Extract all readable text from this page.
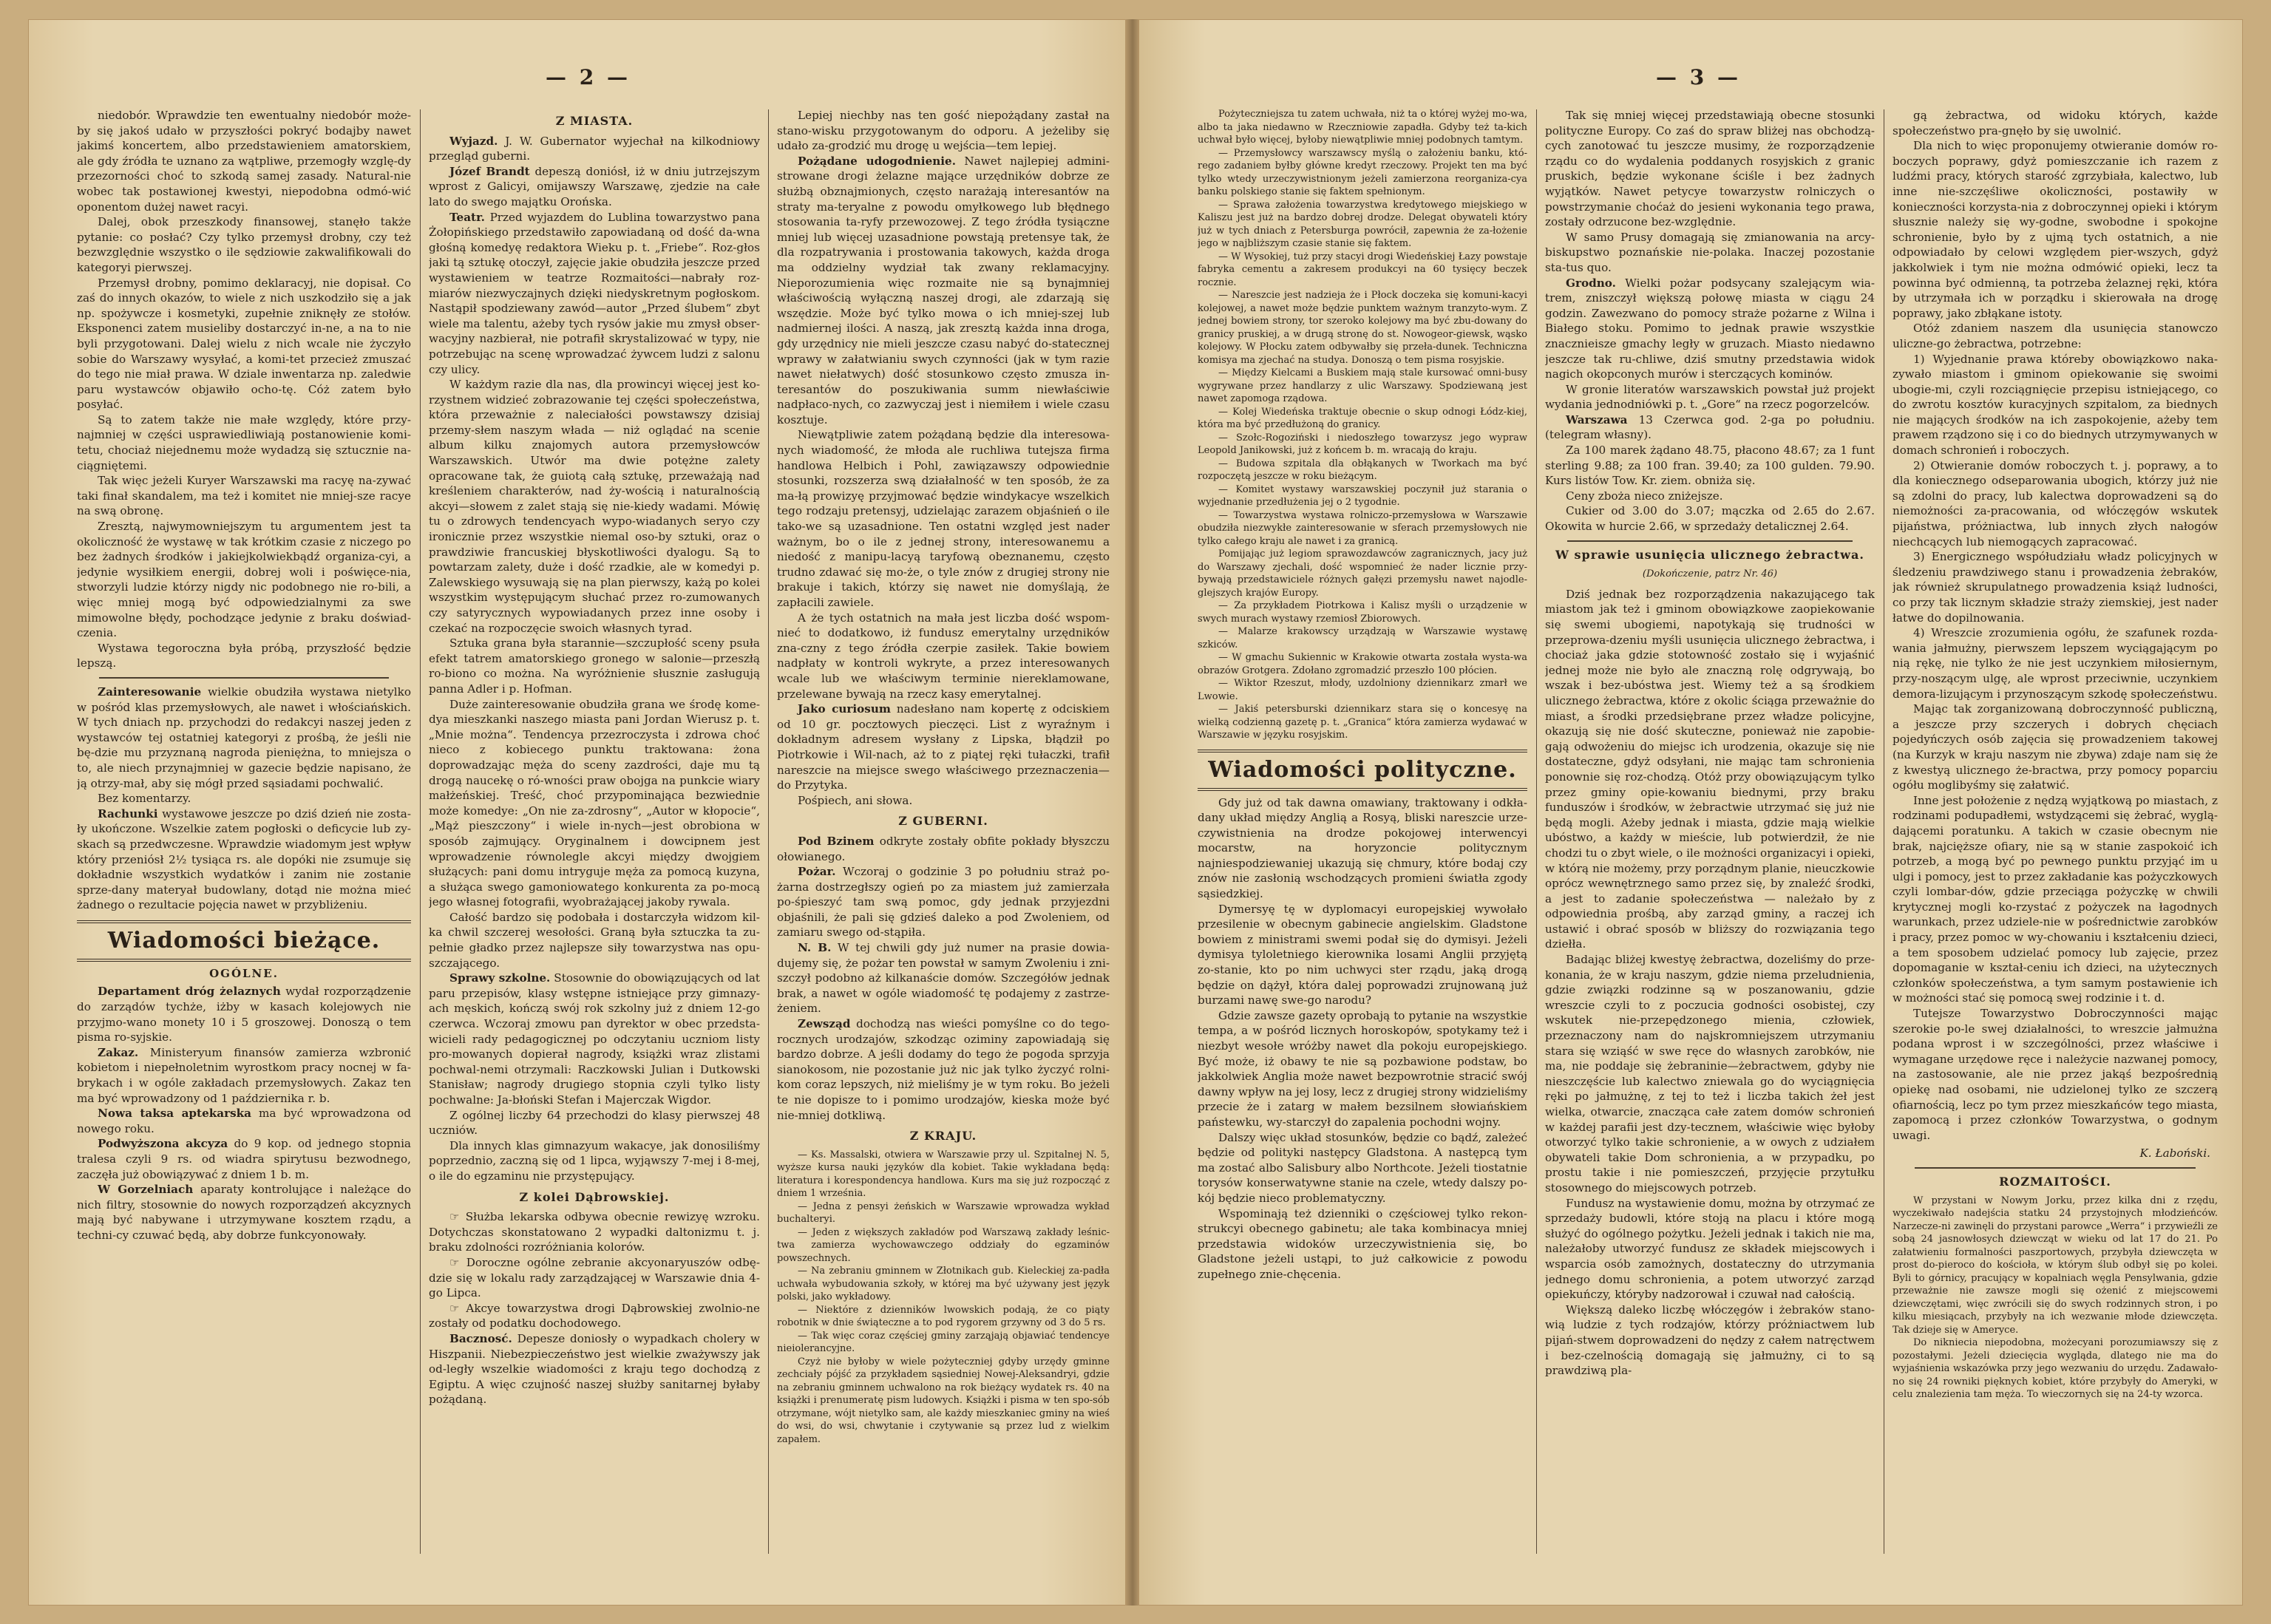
— 2 —

niedobór. Wprawdzie ten ewentualny niedobór może-by się jakoś udało w przyszłości pokryć bodajby nawet jakimś koncertem, albo przedstawieniem amatorskiem, ale gdy źródła te uznano za wątpliwe, przemogły wzglę-dy przezorności choć to szkodą samej zasady. Natural-nie wobec tak postawionej kwestyi, niepodobna odmó-wić oponentom dużej nawet racyi.

Dalej, obok przeszkody finansowej, stanęło także pytanie: co posłać? Czy tylko przemysł drobny, czy też bezwzględnie wszystko o ile sędziowie zakwalifikowali do kategoryi pierwszej.

Przemysł drobny, pomimo deklaracyj, nie dopisał. Co zaś do innych okazów, to wiele z nich uszkodziło się a jak np. spożywcze i kosmetyki, zupełnie zniknęły ze stołów. Eksponenci zatem musieliby dostarczyć in-ne, a na to nie byli przygotowani. Dalej wielu z nich wcale nie życzyło sobie do Warszawy wysyłać, a komi-tet przecież zmuszać do tego nie miał prawa. W dziale inwentarza np. zaledwie paru wystawców objawiło ocho-tę. Cóż zatem było posyłać.

Są to zatem także nie małe względy, które przy-najmniej w części usprawiedliwiają postanowienie komi-tetu, chociaż niejednemu może wydadzą się sztucznie na-ciągniętemi.

Tak więc jeżeli Kuryer Warszawski ma racyę na-zywać taki finał skandalem, ma też i komitet nie mniej-sze racye na swą obronę.

Zresztą, najwymowniejszym tu argumentem jest ta okoliczność że wystawę w tak krótkim czasie z niczego po bez żadnych środków i jakiejkolwiekbądź organiza-cyi, a jedynie wysiłkiem energii, dobrej woli i poświęce-nia, stworzyli ludzie którzy nigdy nic podobnego nie ro-bili, a więc mniej mogą być odpowiedzialnymi za swe mimowolne błędy, pochodzące jedynie z braku doświad-czenia.

Wystawa tegoroczna była próbą, przyszłość będzie lepszą.

Zainteresowanie wielkie obudziła wystawa nietylko w pośród klas przemysłowych, ale nawet i włościańskich. W tych dniach np. przychodzi do redakcyi naszej jeden z wystawców tej ostatniej kategoryi z prośbą, że jeśli nie bę-dzie mu przyznaną nagroda pieniężna, to mniejsza o to, ale niech przynajmniej w gazecie będzie napisano, że ją otrzy-mał, aby się mógł przed sąsiadami pochwalić.

Bez komentarzy.

Rachunki wystawowe jeszcze po dziś dzień nie zosta-ły ukończone. Wszelkie zatem pogłoski o deficycie lub zy-skach są przedwczesne. Wprawdzie wiadomym jest wpływ który przeniósł 2½ tysiąca rs. ale dopóki nie zsumuje się dokładnie wszystkich wydatków i zanim nie zostanie sprze-dany materyał budowlany, dotąd nie można mieć żadnego o rezultacie pojęcia nawet w przybliżeniu.

Wiadomości bieżące.
OGÓLNE.

Departament dróg żelaznych wydał rozporządzenie do zarządów tychże, iżby w kasach kolejowych nie przyjmo-wano monety 10 i 5 groszowej. Donoszą o tem pisma ro-syjskie.

Zakaz. Ministeryum finansów zamierza wzbronić kobietom i niepełnoletnim wyrostkom pracy nocnej w fa-brykach i w ogóle zakładach przemysłowych. Zakaz ten ma być wprowadzony od 1 października r. b.

Nowa taksa aptekarska ma być wprowadzona od nowego roku.

Podwyższona akcyza do 9 kop. od jednego stopnia tralesa czyli 9 rs. od wiadra spirytusu bezwodnego, zaczęła już obowiązywać z dniem 1 b. m.

W Gorzelniach aparaty kontrolujące i należące do nich filtry, stosownie do nowych rozporządzeń akcyznych mają być nabywane i utrzymywane kosztem rządu, a techni-cy czuwać będą, aby dobrze funkcyonowały.

Z MIASTA.

Wyjazd. J. W. Gubernator wyjechał na kilkodniowy przegląd guberni.

Józef Brandt depeszą doniósł, iż w dniu jutrzejszym wprost z Galicyi, omijawszy Warszawę, zjedzie na całe lato do swego majątku Orońska.

Teatr. Przed wyjazdem do Lublina towarzystwo pana Żołopińskiego przedstawiło zapowiadaną od dość da-wna głośną komedyę redaktora Wieku p. t. „Friebe“. Roz-głos jaki tą sztukę otoczył, zajęcie jakie obudziła jeszcze przed wystawieniem w teatrze Rozmaitości—nabrały roz-miarów niezwyczajnych dzięki niedyskretnym pogłoskom. Nastąpił spodziewany zawód—autor „Przed ślubem“ zbyt wiele ma talentu, ażeby tych rysów jakie mu zmysł obser-wacyjny nazbierał, nie potrafił skrystalizować w typy, nie potrzebując na scenę wprowadzać żywcem ludzi z salonu czy ulicy.

W każdym razie dla nas, dla prowincyi więcej jest ko-rzystnem widzieć zobrazowanie tej części społeczeństwa, która przeważnie z naleciałości powstawszy dzisiaj przemy-słem naszym włada — niż oglądać na scenie album kilku znajomych autora przemysłowców Warszawskich. Utwór ma dwie potężne zalety opracowane tak, że guiotą całą sztukę, przeważają nad kreśleniem charakterów, nad ży-wością i naturalnością akcyi—słowem z zalet stają się nie-kiedy wadami. Mówię tu o zdrowych tendencyach wypo-wiadanych seryo czy ironicznie przez wszystkie niemal oso-by sztuki, oraz o prawdziwie francuskiej błyskotliwości dyalogu. Są to powtarzam zalety, duże i dość rzadkie, ale w komedyi p. Zalewskiego wysuwają się na plan pierwszy, każą po kolei wszystkim występującym słuchać przez ro-zumowanych czy satyrycznych wypowiadanych przez inne osoby i czekać na rozpoczęcie swoich własnych tyrad.

Sztuka grana była starannie—szczupłość sceny psuła efekt tatrem amatorskiego gronego w salonie—przeszłą ro-biono co można. Na wyróżnienie słusznie zasługują panna Adler i p. Hofman.

Duże zainteresowanie obudziła grana we środę kome-dya mieszkanki naszego miasta pani Jordan Wierusz p. t. „Mnie można“. Tendencya przezroczysta i zdrowa choć nieco z kobiecego punktu traktowana: żona doprowadzając męża do sceny zazdrości, daje mu tą drogą naucekę o ró-wności praw obojga na punkcie wiary małżeńskiej. Treść, choć przypominająca bezwiednie może komedye: „On nie za-zdrosny“, „Autor w kłopocie“, „Mąż pieszczony“ i wiele in-nych—jest obrobiona w sposób zajmujący. Oryginalnem i dowcipnem jest wprowadzenie równolegle akcyi między dwojgiem służących: pani domu intryguje męża za pomocą kuzyna, a służąca swego gamoniowatego konkurenta za po-mocą jego własnej fotografii, wyobrażającej jakoby rywala.

Całość bardzo się podobała i dostarczyła widzom kil-ka chwil szczerej wesołości. Graną była sztuczka ta zu-pełnie gładko przez najlepsze siły towarzystwa nas opu-szczającego.

Sprawy szkolne. Stosownie do obowiązujących od lat paru przepisów, klasy wstępne istniejące przy gimnazy-ach męskich, kończą swój rok szkolny już z dniem 12-go czerwca. Wczoraj zmowu pan dyrektor w obec przedsta-wicieli rady pedagogicznej po odczytaniu uczniom listy pro-mowanych dopierał nagrody, książki wraz zlistami pochwal-nemi otrzymali: Raczkowski Julian i Dutkowski Stanisław; nagrody drugiego stopnia czyli tylko listy pochwalne: Ja-błoński Stefan i Majerczak Wigdor.

Z ogólnej liczby 64 przechodzi do klasy pierwszej 48 uczniów.

Dla innych klas gimnazyum wakacye, jak donosiliśmy poprzednio, zaczną się od 1 lipca, wyjąwszy 7-mej i 8-mej, o ile do egzaminu nie przystępujący.

Z kolei Dąbrowskiej.

☞ Służba lekarska odbywa obecnie rewizyę wzroku. Dotychczas skonstatowano 2 wypadki daltonizmu t. j. braku zdolności rozróżniania kolorów.

☞ Doroczne ogólne zebranie akcyonaryuszów odbę-dzie się w lokalu rady zarządzającej w Warszawie dnia 4-go Lipca.

☞ Akcye towarzystwa drogi Dąbrowskiej zwolnio-ne zostały od podatku dochodowego.

Bacznosć. Depesze doniosły o wypadkach cholery w Hiszpanii. Niebezpieczeństwo jest wielkie zważywszy jak od-legły wszelkie wiadomości z kraju tego dochodzą z Egiptu. A więc czujność naszej służby sanitarnej byłaby pożądaną.

Lepiej niechby nas ten gość niepożądany zastał na stano-wisku przygotowanym do odporu. A jeżeliby się udało za-grodzić mu drogę u wejścia—tem lepiej.

Pożądane udogodnienie. Nawet najlepiej admini-strowane drogi żelazne mające urzędników dobrze ze służbą obznajmionych, często narażają interesantów na straty ma-teryalne z powodu omyłkowego lub błędnego stosowania ta-ryfy przewozowej. Z tego źródła tysiączne mniej lub więcej uzasadnione powstają pretensye tak, że dla rozpatrywania i prostowania takowych, każda droga ma oddzielny wydział tak zwany reklamacyjny. Nieporozumienia więc rozmaite nie są bynajmniej właściwością wyłączną naszej drogi, ale zdarzają się wszędzie. Może być tylko mowa o ich mniej-szej lub nadmiernej ilości. A naszą, jak zresztą każda inna droga, gdy urzędnicy nie mieli jeszcze czasu nabyć do-statecznej wprawy w załatwianiu swych czynności (jak w tym razie nawet niełatwych) dość stosunkowo często zmusza in-teresantów do poszukiwania summ niewłaściwie nadpłaco-nych, co zazwyczaj jest i niemiłem i wiele czasu kosztuje.

Niewątpliwie zatem pożądaną będzie dla interesowa-nych wiadomość, że młoda ale ruchliwa tutejsza firma handlowa Helbich i Pohl, zawiązawszy odpowiednie stosunki, rozszerza swą działalność w ten sposób, że za ma-łą prowizyę przyjmować będzie windykacye wszelkich tego rodzaju pretensyj, udzielając zarazem objaśnień o ile tako-we są uzasadnione. Ten ostatni względ jest nader ważnym, bo o ile z jednej strony, interesowanemu a niedość z manipu-lacyą taryfową obeznanemu, często trudno zdawać się mo-że, o tyle znów z drugiej strony nie brakuje i takich, którzy się nawet nie domyślają, że zapłacili zawiele.

A że tych ostatnich na mała jest liczba dość wspom-nieć to dodatkowo, iż fundusz emerytalny urzędników zna-czny z tego źródła czerpie zasiłek. Takie bowiem nadpłaty w kontroli wykryte, a przez interesowanych wcale lub we właściwym terminie niereklamowane, przelewane bywają na rzecz kasy emerytalnej.

Jako curiosum nadesłano nam kopertę z odciskiem od 10 gr. pocztowych pieczęci. List z wyraźnym i dokładnym adresem wysłany z Lipska, błądził po Piotrkowie i Wil-nach, aż to z piątej ręki tułaczki, trafił nareszcie na miejsce swego właściwego przeznaczenia—do Przytyka.

Pośpiech, ani słowa.

Z GUBERNI.

Pod Bzinem odkryte zostały obfite pokłady błyszczu ołowianego.

Pożar. Wczoraj o godzinie 3 po południu straż po-żarna dostrzegłszy ogień po za miastem już zamierzała po-śpieszyć tam swą pomoc, gdy jednak przyjezdni objaśnili, że pali się gdzieś daleko a pod Zwoleniem, od zamiaru swego od-stąpiła.

N. B. W tej chwili gdy już numer na prasie dowia-dujemy się, że pożar ten powstał w samym Zwoleniu i zni-szczył podobno aż kilkanaście domów. Szczegółów jednak brak, a nawet w ogóle wiadomość tę podajemy z zastrze-żeniem.

Zewsząd dochodzą nas wieści pomyślne co do tego-rocznych urodzajów, szkodząc oziminy zapowiadają się bardzo dobrze. A jeśli dodamy do tego że pogoda sprzyja sianokosom, nie pozostanie już nic jak tylko życzyć rolni-kom coraz lepszych, niż mieliśmy je w tym roku. Bo jeżeli te nie dopisze to i pomimo urodzajów, kieska może być nie-mniej dotkliwą.

Z KRAJU.

— Ks. Massalski, otwiera w Warszawie przy ul. Szpitalnej N. 5, wyższe kursa nauki języków dla kobiet. Takie wykładana będą: literatura i korespondencya handlowa. Kurs ma się już rozpocząć z dniem 1 września.

— Jedna z pensyi żeńskich w Warszawie wprowadza wykład buchalteryi.

— Jeden z większych zakładów pod Warszawą zakłady leśnic-twa zamierza wychowawczego oddziały do egzaminów powszechnych.

— Na zebraniu gminnem w Złotnikach gub. Kieleckiej za-padła uchwała wybudowania szkoły, w której ma być używany jest język polski, jako wykładowy.

— Niektóre z dzienników lwowskich podają, że co piąty robotnik w dnie świąteczne a to pod rygorem grzywny od 3 do 5 rs.

— Tak więc coraz częściej gminy zarząjają objawiać tendencye nieiolerancyjne.

Czyż nie byłoby w wiele pożyteczniej gdyby urzędy gminne zechciały pójść za przykładem sąsiedniej Nowej-Aleksandryi, gdzie na zebraniu gminnem uchwalono na rok bieżący wydatek rs. 40 na książki i prenumeratę pism ludowych. Książki i pisma w ten spo-sób otrzymane, wójt nietylko sam, ale każdy mieszkaniec gminy na wieś do wsi, do wsi, chwytanie i czytywanie są przez lud z wielkim zapałem.

— 3 —

Pożyteczniejsza tu zatem uchwała, niż ta o której wyżej mo-wa, albo ta jaka niedawno w Rzeczniowie zapadła. Gdyby też ta-kich uchwał było więcej, byłoby niewątpliwie mniej podobnych tamtym.

— Przemysłowcy warszawscy myślą o założeniu banku, któ-rego zadaniem byłby główne kredyt rzeczowy. Projekt ten ma być tylko wtedy urzeczywistnionym jeżeli zamierzona reorganiza-cya banku polskiego stanie się faktem spełnionym.

— Sprawa założenia towarzystwa kredytowego miejskiego w Kaliszu jest już na bardzo dobrej drodze. Delegat obywateli który już w tych dniach z Petersburga powrócił, zapewnia że za-łożenie jego w najbliższym czasie stanie się faktem.

— W Wysokiej, tuż przy stacyi drogi Wiedeńskiej Łazy powstaje fabryka cementu a zakresem produkcyi na 60 tysięcy beczek rocznie.

— Nareszcie jest nadzieja że i Płock doczeka się komuni-kacyi kolejowej, a nawet może będzie punktem ważnym tranzyto-wym. Z jednej bowiem strony, tor szeroko kolejowy ma być zbu-dowany do granicy pruskiej, a w drugą stronę do st. Nowogeor-giewsk, wąsko kolejowy. W Płocku zatem odbywałby się przeła-dunek. Techniczna komisya ma zjechać na studya. Donoszą o tem pisma rosyjskie.

— Między Kielcami a Buskiem mają stale kursować omni-busy wygrywane przez handlarzy z ulic Warszawy. Spodziewaną jest nawet zapomoga rządowa.

— Kolej Wiedeńska traktuje obecnie o skup odnogi Łódz-kiej, która ma być przedłużoną do granicy.

— Szołc-Rogoziński i niedoszłego towarzysz jego wypraw Leopold Janikowski, już z końcem b. m. wracają do kraju.

— Budowa szpitala dla obłąkanych w Tworkach ma być rozpoczętą jeszcze w roku bieżącym.

— Komitet wystawy warszawskiej poczynił już starania o wyjednanie przedłużenia jej o 2 tygodnie.

— Towarzystwa wystawa rolniczo-przemysłowa w Warszawie obudziła niezwykłe zainteresowanie w sferach przemysłowych nie tylko całego kraju ale nawet i za granicą.

Pomijając już legiom sprawozdawców zagranicznych, jacy już do Warszawy zjechali, dość wspomnieć że nader licznie przy-bywają przedstawiciele różnych gałęzi przemysłu nawet najodle-glejszych krajów Europy.

— Za przykładem Piotrkowa i Kalisz myśli o urządzenie w swych murach wystawy rzemiosł Zbiorowych.

— Malarze krakowscy urządzają w Warszawie wystawę szkiców.

— W gmachu Sukiennic w Krakowie otwarta została wysta-wa obrazów Grotgera. Zdołano zgromadzić przeszło 100 płócien.

— Wiktor Rzeszut, młody, uzdolniony dziennikarz zmarł we Lwowie.

— Jakiś petersburski dziennikarz stara się o koncesyę na wielką codzienną gazetę p. t. „Granica“ która zamierza wydawać w Warszawie w języku rosyjskim.

Wiadomości polityczne.

Gdy już od tak dawna omawiany, traktowany i odkła-dany układ między Anglią a Rosyą, bliski nareszcie urze-czywistnienia na drodze pokojowej interwencyi mocarstw, na horyzoncie politycznym najniespodziewaniej ukazują się chmury, które bodaj czy znów nie zasłonią wschodzących promieni światła zgody sąsiedzkiej.

Dymersyę tę w dyplomacyi europejskiej wywołało przesilenie w obecnym gabinecie angielskim. Gladstone bowiem z ministrami swemi podał się do dymisyi. Jeżeli dymisya tyloletniego kierownika losami Anglii przyjętą zo-stanie, kto po nim uchwyci ster rządu, jaką drogą będzie on dążył, która dalej poprowadzi zrujnowaną już burzami nawę swe-go narodu?

Gdzie zawsze gazety oprobają to pytanie na wszystkie tempa, a w pośród licznych horoskopów, spotykamy też i niezbyt wesołe wróżby nawet dla pokoju europejskiego. Być może, iż obawy te nie są pozbawione podstaw, bo jakkolwiek Anglia może nawet bezpowrotnie stracić swój dawny wpływ na jej losy, lecz z drugiej strony widzieliśmy przecie że i zatarg w małem bezsilnem słowiańskiem państewku, wy-starczył do zapalenia pochodni wojny.

Dalszy więc układ stosunków, będzie co bądź, zależeć będzie od polityki następcy Gladstona. A następcą tym ma zostać albo Salisbury albo Northcote. Jeżeli tiostatnie torysów konserwatywne stanie na czele, wtedy dalszy po-kój będzie nieco problematyczny.

Wspominają też dzienniki o częściowej tylko rekon-strukcyi obecnego gabinetu; ale taka kombinacya mniej przedstawia widoków urzeczywistnienia się, bo Gladstone jeżeli ustąpi, to już całkowicie z powodu zupełnego znie-chęcenia.

Tak się mniej więcej przedstawiają obecne stosunki polityczne Europy. Co zaś do spraw bliżej nas obchodzą-cych zanotować tu jeszcze musimy, że rozporządzenie rządu co do wydalenia poddanych rosyjskich z granic pruskich, będzie wykonane ściśle i bez żadnych wyjątków. Nawet petycye towarzystw rolniczych o powstrzymanie choćaż do jesieni wykonania tego prawa, zostały odrzucone bez-względnie.

W samo Prusy domagają się zmianowania na arcy-biskupstwo poznańskie nie-polaka. Inaczej pozostanie sta-tus quo.

Grodno. Wielki pożar podsycany szalejącym wia-trem, zniszczył większą połowę miasta w ciągu 24 godzin. Zawezwano do pomocy straże pożarne z Wilna i Białego stoku. Pomimo to jednak prawie wszystkie znacznieisze gmachy legły w gruzach. Miasto niedawno jeszcze tak ru-chliwe, dziś smutny przedstawia widok nagich okopconych murów i sterczących kominów.

W gronie literatów warszawskich powstał już projekt wydania jednodniówki p. t. „Gore“ na rzecz pogorzelców.

Warszawa 13 Czerwca god. 2-ga po południu. (telegram własny).

Za 100 marek żądano 48.75, płacono 48.67; za 1 funt sterling 9.88; za 100 fran. 39.40; za 100 gulden. 79.90. Kurs listów Tow. Kr. ziem. obniża się.

Ceny zboża nieco zniżejsze.

Cukier od 3.00 do 3.07; mączka od 2.65 do 2.67. Okowita w hurcie 2.66, w sprzedaży detalicznej 2.64.

W sprawie usunięcia ulicznego żebractwa.
(Dokończenie, patrz Nr. 46)

Dziś jednak bez rozporządzenia nakazującego tak miastom jak też i gminom obowiązkowe zaopiekowanie się swemi ubogiemi, napotykają się trudności w przeprowa-dzeniu myśli usunięcia ulicznego żebractwa, i chociaż jaka gdzie stotowność zostało się i wyjaśnić jednej może nie było ale znaczną rolę odgrywają, bo wszak i bez-ubóstwa jest. Wiemy też a są środkiem ulicznego żebractwa, które z okolic ściąga przeważnie do miast, a środki przedsiębrane przez władze policyjne, okazują się nie dość skuteczne, ponieważ nie zapobie-gają odwożeniu do miejsc ich urodzenia, okazuje się nie dostateczne, gdyż odsyłani, nie mając tam schronienia ponownie się roz-chodzą. Otóż przy obowiązującym tylko przez gminy opie-kowaniu biednymi, przy braku funduszów i środków, w żebractwie utrzymać się już nie będą mogli. Ażeby jednak i miasta, gdzie mają wielkie ubóstwo, a każdy w mieście, lub potwierdził, że nie chodzi tu o zbyt wiele, o ile możności organizacyi i opieki, w którą nie możemy, przy porządnym planie, nieuczkowie oprócz wewnętrznego samo przez się, by znaleźć środki, a jest to zadanie społeczeństwa — należało by z odpowiednia prośbą, aby zarząd gminy, a raczej ich ustawić i obrać sposób w bliższy do rozwiązania tego dziełła.

Badając bliżej kwestyę żebractwa, dozeliśmy do prze-konania, że w kraju naszym, gdzie niema przeludnienia, gdzie związki rodzinne są w poszanowaniu, gdzie wreszcie czyli to z poczucia godności osobistej, czy wskutek nie-przepędzonego mienia, człowiek, przeznaczony nam do najskromniejszem utrzymaniu stara się wziąść w swe ręce do własnych zarobków, nie ma, nie poddaje się żebraninie—żebractwem, gdyby nie nieszczęście lub kalectwo zniewala go do wyciągnięcia ręki po jałmużnę, z tej to też i liczba takich żeł jest wielka, otwarcie, znacząca całe zatem domów schronień w każdej parafii jest dzy-tecznem, właściwie więc byłoby otworzyć tylko takie schronienie, a w owych z udziałem obywateli takie Dom schronienia, a w przypadku, po prostu takie i nie pomieszczeń, przyjęcie przytułku stosownego do miejscowych potrzeb.

Fundusz na wystawienie domu, można by otrzymać ze sprzedaży budowli, które stoją na placu i które mogą służyć do ogólnego pożytku. Jeżeli jednak i takich nie ma, należałoby utworzyć fundusz ze składek miejscowych i wsparcia osób zamożnych, dostateczny do utrzymania jednego domu schronienia, a potem utworzyć zarząd opiekuńczy, któryby nadzorował i czuwał nad całością.

Większą daleko liczbę włóczęgów i żebraków stano-wią ludzie z tych rodzajów, którzy próżniactwem lub pijań-stwem doprowadzeni do nędzy z całem natręctwem i bez-czelnością domagają się jałmużny, ci to są prawdziwą pla-

gą żebractwa, od widoku których, każde społeczeństwo pra-gnęło by się uwolnić.

Dla nich to więc proponujemy otwieranie domów ro-boczych poprawy, gdyż pomieszczanie ich razem z ludźmi pracy, których starość zgrzybiała, kalectwo, lub inne nie-szczęśliwe okoliczności, postawiły w konieczności korzysta-nia z dobroczynnej opieki i którym słusznie należy się wy-godne, swobodne i spokojne schronienie, było by z ujmą tych ostatnich, a nie odpowiadało by celowi względem pier-wszych, gdyż jakkolwiek i tym nie można odmówić opieki, lecz ta powinna być odmienną, ta potrzeba żelaznej ręki, która by utrzymała ich w porządku i skierowała na drogę poprawy, jako zbłąkane istoty.

Otóż zdaniem naszem dla usunięcia stanowczo uliczne-go żebractwa, potrzebne:

1) Wyjednanie prawa któreby obowiązkowo naka-zywało miastom i gminom opiekowanie się swoimi ubogie-mi, czyli rozciągnięcie przepisu istniejącego, co do zwrotu kosztów kuracyjnych szpitalom, za biednych nie mających środków na ich zaspokojenie, ażeby tem prawem rządzono się i co do biednych utrzymywanych w domach schronień i roboczych.

2) Otwieranie domów roboczych t. j. poprawy, a to dla koniecznego odseparowania ubogich, którzy już nie są zdolni do pracy, lub kalectwa doprowadzeni są do niemożności za-pracowania, od włóczęgów wskutek pijaństwa, próżniactwa, lub innych złych nałogów niechcących lub niemogących zapracować.

3) Energicznego współudziału władz policyjnych w śledzeniu prawdziwego stanu i prowadzenia żebraków, jak również skrupulatnego prowadzenia książ ludności, co przy tak licznym składzie straży ziemskiej, jest nader łatwe do dopilnowania.

4) Wreszcie zrozumienia ogółu, że szafunek rozda-wania jałmużny, pierwszem lepszem wyciągającym po nią rękę, nie tylko że nie jest uczynkiem miłosiernym, przy-noszącym ulgę, ale wprost przeciwnie, uczynkiem demora-lizującym i przynoszącym szkodę społeczeństwu.

Mając tak zorganizowaną dobroczynność publiczną, a jeszcze przy szczerych i dobrych chęciach pojedyńczych osób zajęcia się prowadzeniem takowej (na Kurzyk w kraju naszym nie zbywa) zdaje nam się że z kwestyą ulicznego że-bractwa, przy pomocy poparciu ogółu moglibyśmy się załatwić.

Inne jest położenie z nędzą wyjątkową po miastach, z rodzinami podupadłemi, wstydzącemi się żebrać, wyglą-dającemi poratunku. A takich w czasie obecnym nie brak, najcięższe ofiary, nie są w stanie zaspokoić ich potrzeb, a mogą być po pewnego punktu przyjąć im u ulgi i pomocy, jest to przez zakładanie kas pożyczkowych czyli lombar-dów, gdzie przeciąga pożyczkę w chwili krytycznej mogli ko-rzystać z pożyczek na łagodnych warunkach, przez udziele-nie w pośrednictwie zarobków i pracy, przez pomoc w wy-chowaniu i kształceniu dzieci, a tem sposobem udzielać pomocy lub zajęcie, przez dopomaganie w kształ-ceniu ich dzieci, na użytecznych członków społeczeństwa, a tym samym postawienie ich w możności stać się pomocą swej rodzinie i t. d.

Tutejsze Towarzystwo Dobroczynności mając szerokie po-le swej działalności, to wreszcie jałmużna podana wprost i w szczególności, przez właściwe i wymagane urzędowe ręce i należycie nazwanej pomocy, na zastosowanie, ale nie przez jakąś bezpośrednią opiekę nad osobami, nie udzielonej tylko ze szczerą ofiarnością, lecz po tym przez mieszkańców tego miasta, zapomocą i przez członków Towarzystwa, o godnym uwagi.

K. Łaboński.
ROZMAITOŚCI.

W przystani w Nowym Jorku, przez kilka dni z rzędu, wyczekiwało nadejścia statku 24 przystojnych młodzieńców. Narzecze-ni zawinęli do przystani parowce „Werra“ i przywieźli ze sobą 24 jasnowłosych dziewcząt w wieku od lat 17 do 21. Po załatwieniu formalności paszportowych, przybyła dziewczęta w prost do-pieroco do kościoła, w którym ślub odbył się po kolei. Byli to górnicy, pracujący w kopalniach węgla Pensylwania, gdzie przeważnie nie zawsze mogli się ożenić z miejscowemi dziewczętami, więc zwrócili się do swych rodzinnych stron, i po kilku miesiącach, przybyły na ich wezwanie młode dziewczęta. Tak dzieje się w Ameryce.

Do nikniecia niepodobna, możecyani porozumiawszy się z pozostałymi. Jeżeli dziecięcia wygląda, dlatego nie ma do wyjaśnienia wskazówka przy jego wezwaniu do urzędu. Zadawało-no się 24 rowniki pięknych kobiet, które przybyły do Ameryki, w celu znalezienia tam męża. To wieczornych się na 24-ty wzorca.
